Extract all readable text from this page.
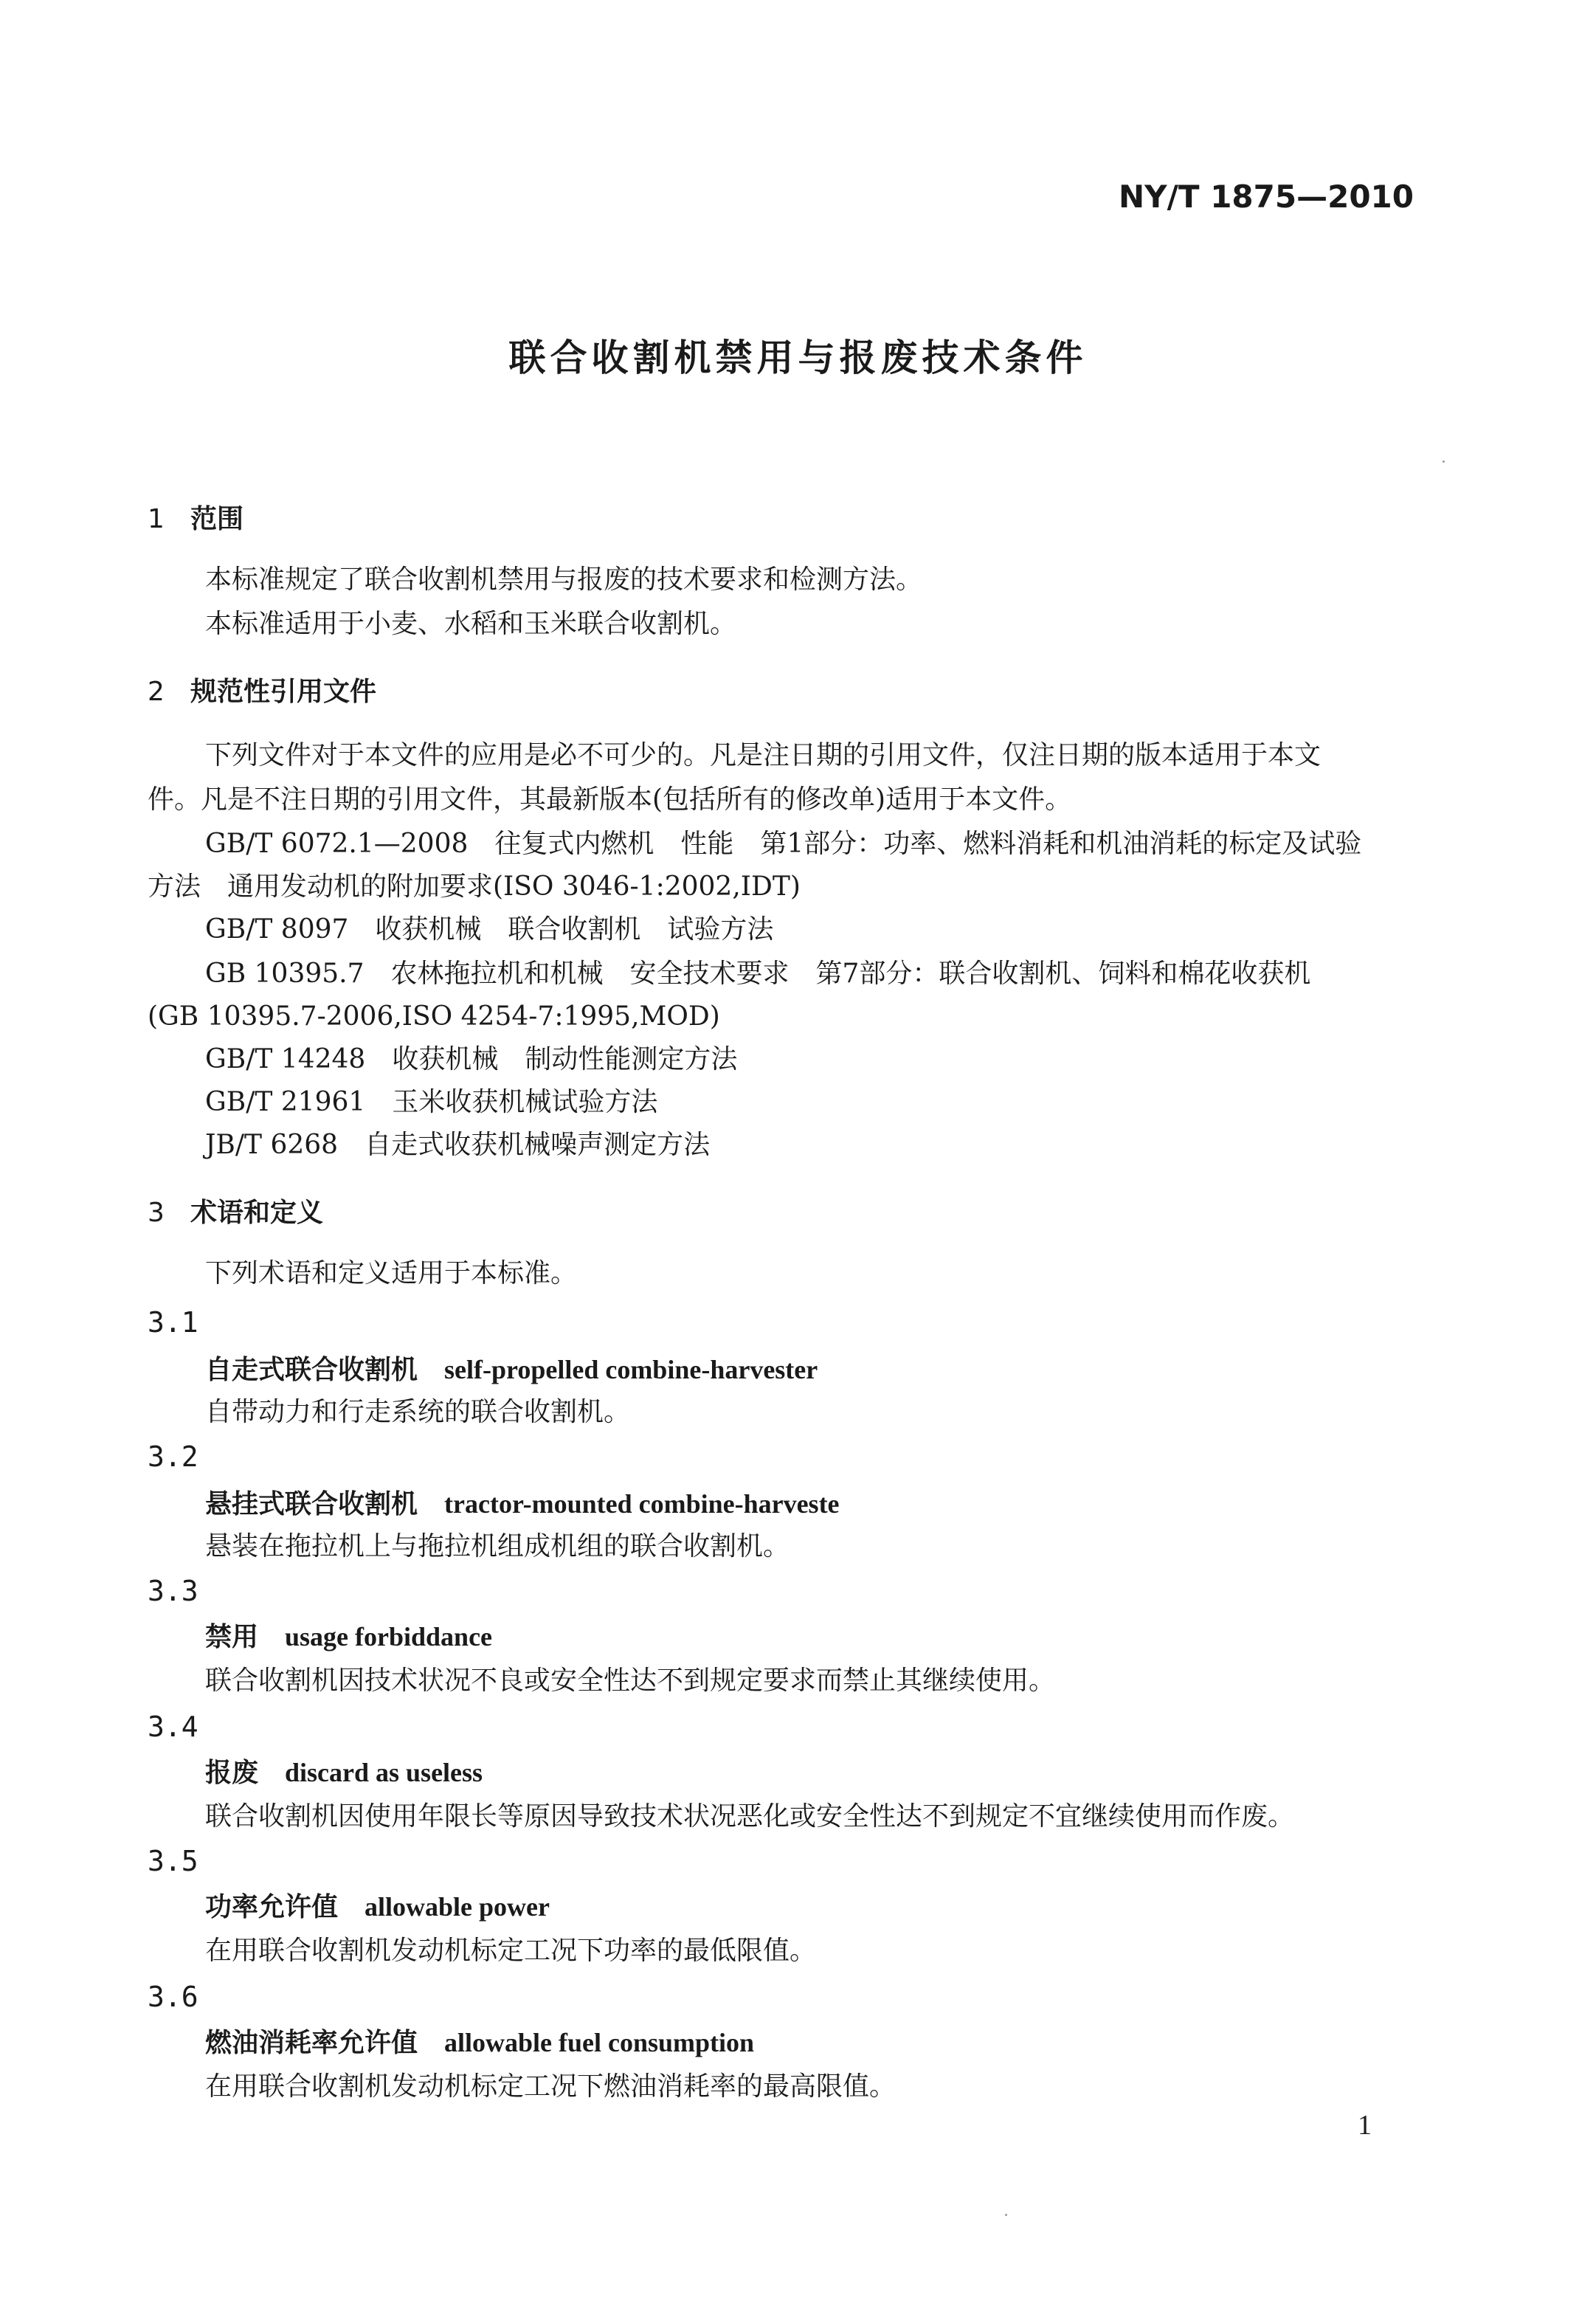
NY/T 1875—2010
联合收割机禁用与报废技术条件
1 范围
本标准规定了联合收割机禁用与报废的技术要求和检测方法。
本标准适用于小麦、水稻和玉米联合收割机。
2 规范性引用文件
下列文件对于本文件的应用是必不可少的。凡是注日期的引用文件，仅注日期的版本适用于本文
件。凡是不注日期的引用文件，其最新版本(包括所有的修改单)适用于本文件。
GB/T 6072.1—2008　往复式内燃机　性能　第1部分：功率、燃料消耗和机油消耗的标定及试验
方法　通用发动机的附加要求(ISO 3046-1:2002,IDT)
GB/T 8097　收获机械　联合收割机　试验方法
GB 10395.7　农林拖拉机和机械　安全技术要求　第7部分：联合收割机、饲料和棉花收获机
(GB 10395.7-2006,ISO 4254-7:1995,MOD)
GB/T 14248　收获机械　制动性能测定方法
GB/T 21961　玉米收获机械试验方法
JB/T 6268　自走式收获机械噪声测定方法
3 术语和定义
下列术语和定义适用于本标准。
3.1
自走式联合收割机 self-propelled combine-harvester
自带动力和行走系统的联合收割机。
3.2
悬挂式联合收割机 tractor-mounted combine-harveste
悬装在拖拉机上与拖拉机组成机组的联合收割机。
3.3
禁用 usage forbiddance
联合收割机因技术状况不良或安全性达不到规定要求而禁止其继续使用。
3.4
报废 discard as useless
联合收割机因使用年限长等原因导致技术状况恶化或安全性达不到规定不宜继续使用而作废。
3.5
功率允许值 allowable power
在用联合收割机发动机标定工况下功率的最低限值。
3.6
燃油消耗率允许值 allowable fuel consumption
在用联合收割机发动机标定工况下燃油消耗率的最高限值。
1
